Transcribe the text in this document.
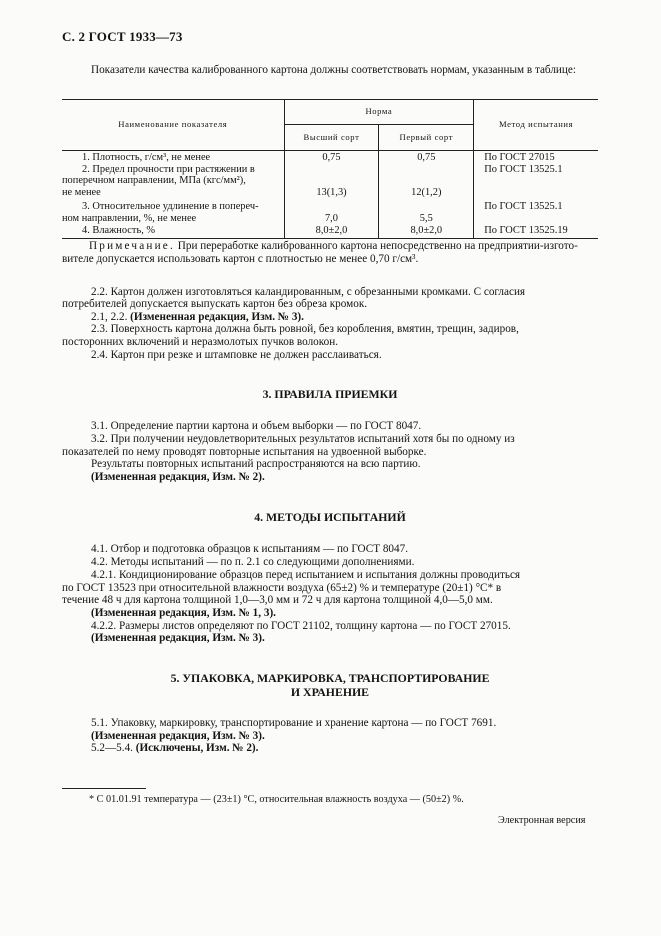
С. 2 ГОСТ 1933—73
Показатели качества калиброванного картона должны соответствовать нормам, указанным в таблице:
Наименование показателя	Норма		Метод испытания
	Высший сорт	Первый сорт	

1. Плотность, г/см³, не менее	0,75	0,75	По ГОСТ 27015

2. Предел прочности при растяжении в
поперечном направлении, МПа (кгс/мм²),
не менее	13(1,3)	12(1,2)	По ГОСТ 13525.1

3. Относительное удлинение в попереч-
ном направлении, %, не менее	7,0	5,5	По ГОСТ 13525.1

4. Влажность, %	8,0±2,0	8,0±2,0	По ГОСТ 13525.19
Примечание. При переработке калиброванного картона непосредственно на предприятии-изгото-
вителе допускается использовать картон с плотностью не менее 0,70 г/см³.
2.2. Картон должен изготовляться каландированным, с обрезанными кромками. С согласия
потребителей допускается выпускать картон без обреза кромок.
2.1, 2.2. (Измененная редакция, Изм. № 3).
2.3. Поверхность картона должна быть ровной, без коробления, вмятин, трещин, задиров,
посторонних включений и неразмолотых пучков волокон.
2.4. Картон при резке и штамповке не должен расслаиваться.
3. ПРАВИЛА ПРИЕМКИ
3.1. Определение партии картона и объем выборки — по ГОСТ 8047.
3.2. При получении неудовлетворительных результатов испытаний хотя бы по одному из
показателей по нему проводят повторные испытания на удвоенной выборке.
Результаты повторных испытаний распространяются на всю партию.
(Измененная редакция, Изм. № 2).
4. МЕТОДЫ ИСПЫТАНИЙ
4.1. Отбор и подготовка образцов к испытаниям — по ГОСТ 8047.
4.2. Методы испытаний — по п. 2.1 со следующими дополнениями.
4.2.1. Кондиционирование образцов перед испытанием и испытания должны проводиться
по ГОСТ 13523 при относительной влажности воздуха (65±2) % и температуре (20±1) °С* в
течение 48 ч для картона толщиной 1,0—3,0 мм и 72 ч для картона толщиной 4,0—5,0 мм.
(Измененная редакция, Изм. № 1, 3).
4.2.2. Размеры листов определяют по ГОСТ 21102, толщину картона — по ГОСТ 27015.
(Измененная редакция, Изм. № 3).
5. УПАКОВКА, МАРКИРОВКА, ТРАНСПОРТИРОВАНИЕ
И ХРАНЕНИЕ
5.1. Упаковку, маркировку, транспортирование и хранение картона — по ГОСТ 7691.
(Измененная редакция, Изм. № 3).
5.2—5.4. (Исключены, Изм. № 2).
* С 01.01.91 температура — (23±1) °С, относительная влажность воздуха — (50±2) %.
Электронная версия
